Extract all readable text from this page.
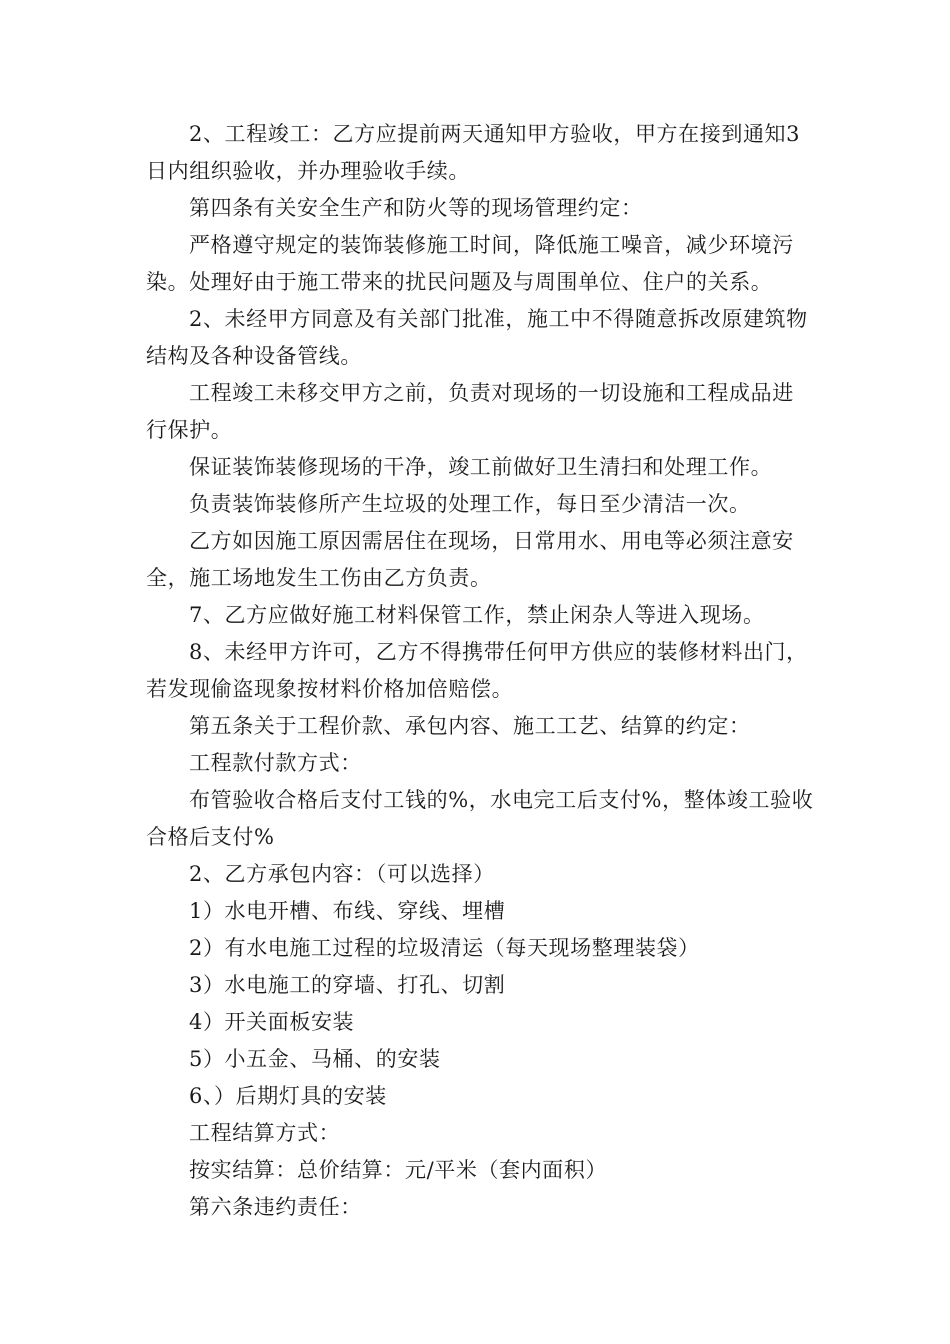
2、工程竣工：乙方应提前两天通知甲方验收，甲方在接到通知3日内组织验收，并办理验收手续。

第四条有关安全生产和防火等的现场管理约定：

严格遵守规定的装饰装修施工时间，降低施工噪音，减少环境污染。处理好由于施工带来的扰民问题及与周围单位、住户的关系。

2、未经甲方同意及有关部门批准，施工中不得随意拆改原建筑物结构及各种设备管线。

工程竣工未移交甲方之前，负责对现场的一切设施和工程成品进行保护。

保证装饰装修现场的干净，竣工前做好卫生清扫和处理工作。

负责装饰装修所产生垃圾的处理工作，每日至少清洁一次。

乙方如因施工原因需居住在现场，日常用水、用电等必须注意安全，施工场地发生工伤由乙方负责。

7、乙方应做好施工材料保管工作，禁止闲杂人等进入现场。

8、未经甲方许可，乙方不得携带任何甲方供应的装修材料出门，若发现偷盗现象按材料价格加倍赔偿。

第五条关于工程价款、承包内容、施工工艺、结算的约定：

工程款付款方式：

布管验收合格后支付工钱的%，水电完工后支付%，整体竣工验收合格后支付%

2、乙方承包内容：（可以选择）

1）水电开槽、布线、穿线、埋槽

2）有水电施工过程的垃圾清运（每天现场整理装袋）

3）水电施工的穿墙、打孔、切割

4）开关面板安装

5）小五金、马桶、的安装

6、）后期灯具的安装

工程结算方式：

按实结算：总价结算：元/平米（套内面积）

第六条违约责任：
